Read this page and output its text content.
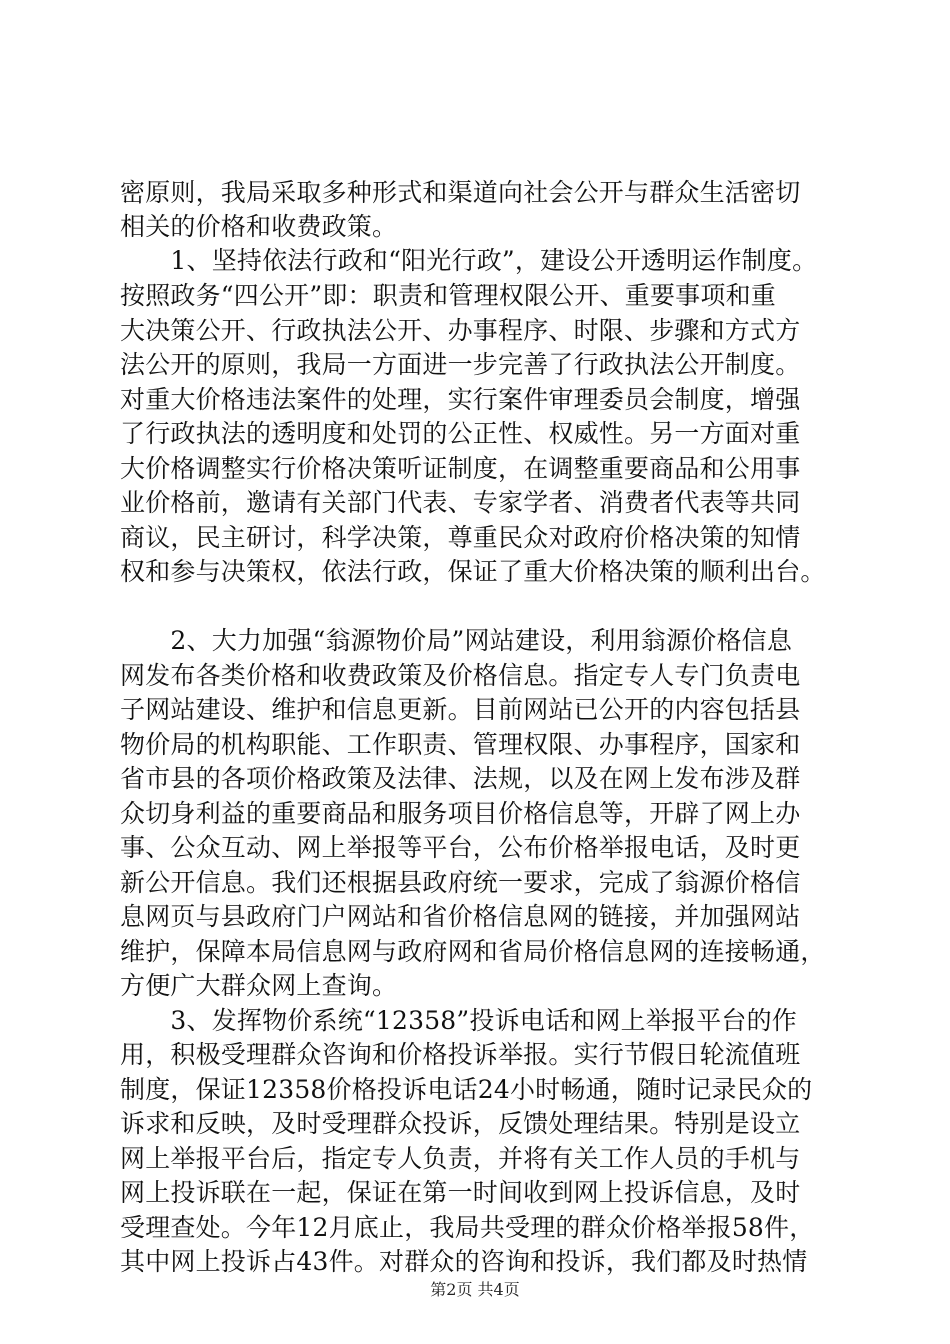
密原则，我局采取多种形式和渠道向社会公开与群众生活密切
相关的价格和收费政策。
　　1、坚持依法行政和“阳光行政”，建设公开透明运作制度。
按照政务“四公开”即：职责和管理权限公开、重要事项和重
大决策公开、行政执法公开、办事程序、时限、步骤和方式方
法公开的原则，我局一方面进一步完善了行政执法公开制度。
对重大价格违法案件的处理，实行案件审理委员会制度，增强
了行政执法的透明度和处罚的公正性、权威性。另一方面对重
大价格调整实行价格决策听证制度，在调整重要商品和公用事
业价格前，邀请有关部门代表、专家学者、消费者代表等共同
商议，民主研讨，科学决策，尊重民众对政府价格决策的知情
权和参与决策权，依法行政，保证了重大价格决策的顺利出台。
　　2、大力加强“翁源物价局”网站建设，利用翁源价格信息
网发布各类价格和收费政策及价格信息。指定专人专门负责电
子网站建设、维护和信息更新。目前网站已公开的内容包括县
物价局的机构职能、工作职责、管理权限、办事程序，国家和
省市县的各项价格政策及法律、法规，以及在网上发布涉及群
众切身利益的重要商品和服务项目价格信息等，开辟了网上办
事、公众互动、网上举报等平台，公布价格举报电话，及时更
新公开信息。我们还根据县政府统一要求，完成了翁源价格信
息网页与县政府门户网站和省价格信息网的链接，并加强网站
维护，保障本局信息网与政府网和省局价格信息网的连接畅通，
方便广大群众网上查询。
　　3、发挥物价系统“12358”投诉电话和网上举报平台的作
用，积极受理群众咨询和价格投诉举报。实行节假日轮流值班
制度，保证12358价格投诉电话24小时畅通，随时记录民众的
诉求和反映，及时受理群众投诉，反馈处理结果。特别是设立
网上举报平台后，指定专人负责，并将有关工作人员的手机与
网上投诉联在一起，保证在第一时间收到网上投诉信息，及时
受理查处。今年12月底止，我局共受理的群众价格举报58件，
其中网上投诉占43件。对群众的咨询和投诉，我们都及时热情
第2页 共4页
